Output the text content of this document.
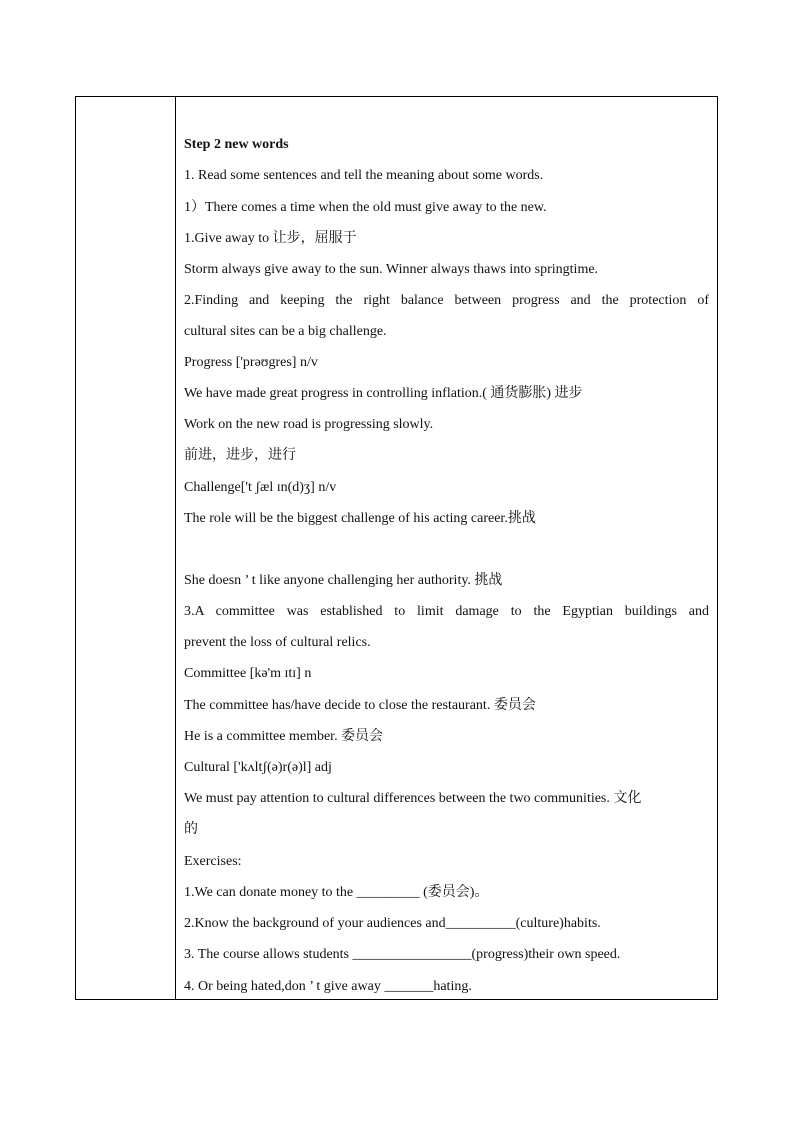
Step 2 new words
1. Read some sentences and tell the meaning about some words.
1）There comes a time when the old must give away to the new.
1.Give away to 让步，屈服于
Storm always give away to the sun. Winner always thaws into springtime.
2.Finding and keeping the right balance between progress and the protection of
cultural sites can be a big challenge.
Progress ['prəʊgres] n/v
We have made great progress in controlling inflation.( 通货膨胀) 进步
Work on the new road is progressing slowly.
前进，进步，进行
Challenge['t ʃæl ɪn(d)ʒ] n/v
The role will be the biggest challenge of his acting career.挑战
She doesn ’ t like anyone challenging her authority. 挑战
3.A committee was established to limit damage to the Egyptian buildings and
prevent the loss of cultural relics.
Committee [kə'm ɪtɪ] n
The committee has/have decide to close the restaurant. 委员会
He is a committee member. 委员会
Cultural ['kʌltʃ(ə)r(ə)l] adj
We must pay attention to cultural differences between the two communities. 文化
的
Exercises:
1.We can donate money to the _________ (委员会)。
2.Know the background of your audiences and__________(culture)habits.
3. The course allows students _________________(progress)their own speed.
4. Or being hated,don ’ t give away _______hating.
